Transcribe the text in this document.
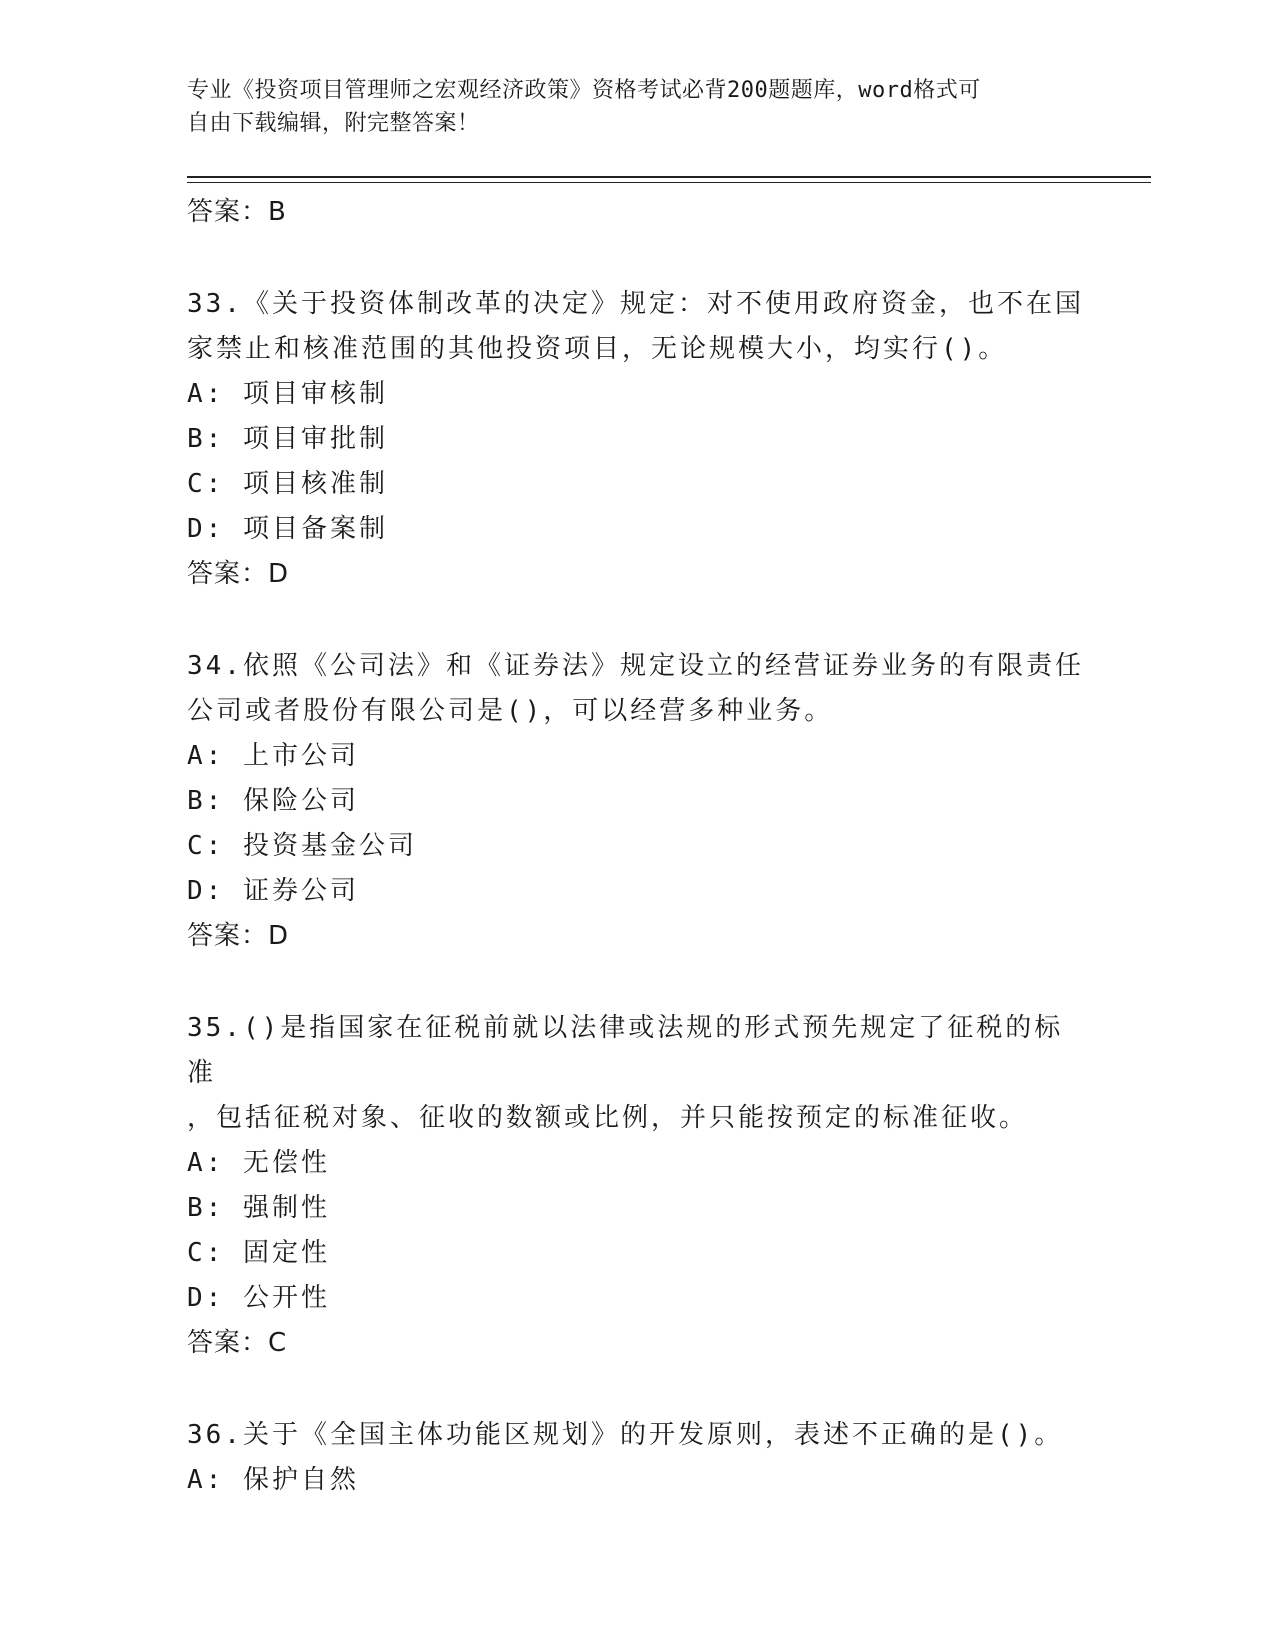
专业《投资项目管理师之宏观经济政策》资格考试必背200题题库，word格式可
自由下载编辑，附完整答案！
答案：B
33.《关于投资体制改革的决定》规定：对不使用政府资金，也不在国
家禁止和核准范围的其他投资项目，无论规模大小，均实行()。
A: 项目审核制
B: 项目审批制
C: 项目核准制
D: 项目备案制
答案：D
34.依照《公司法》和《证券法》规定设立的经营证券业务的有限责任
公司或者股份有限公司是()，可以经营多种业务。
A: 上市公司
B: 保险公司
C: 投资基金公司
D: 证券公司
答案：D
35.()是指国家在征税前就以法律或法规的形式预先规定了征税的标准
，包括征税对象、征收的数额或比例，并只能按预定的标准征收。
A: 无偿性
B: 强制性
C: 固定性
D: 公开性
答案：C
36.关于《全国主体功能区规划》的开发原则，表述不正确的是()。
A: 保护自然
